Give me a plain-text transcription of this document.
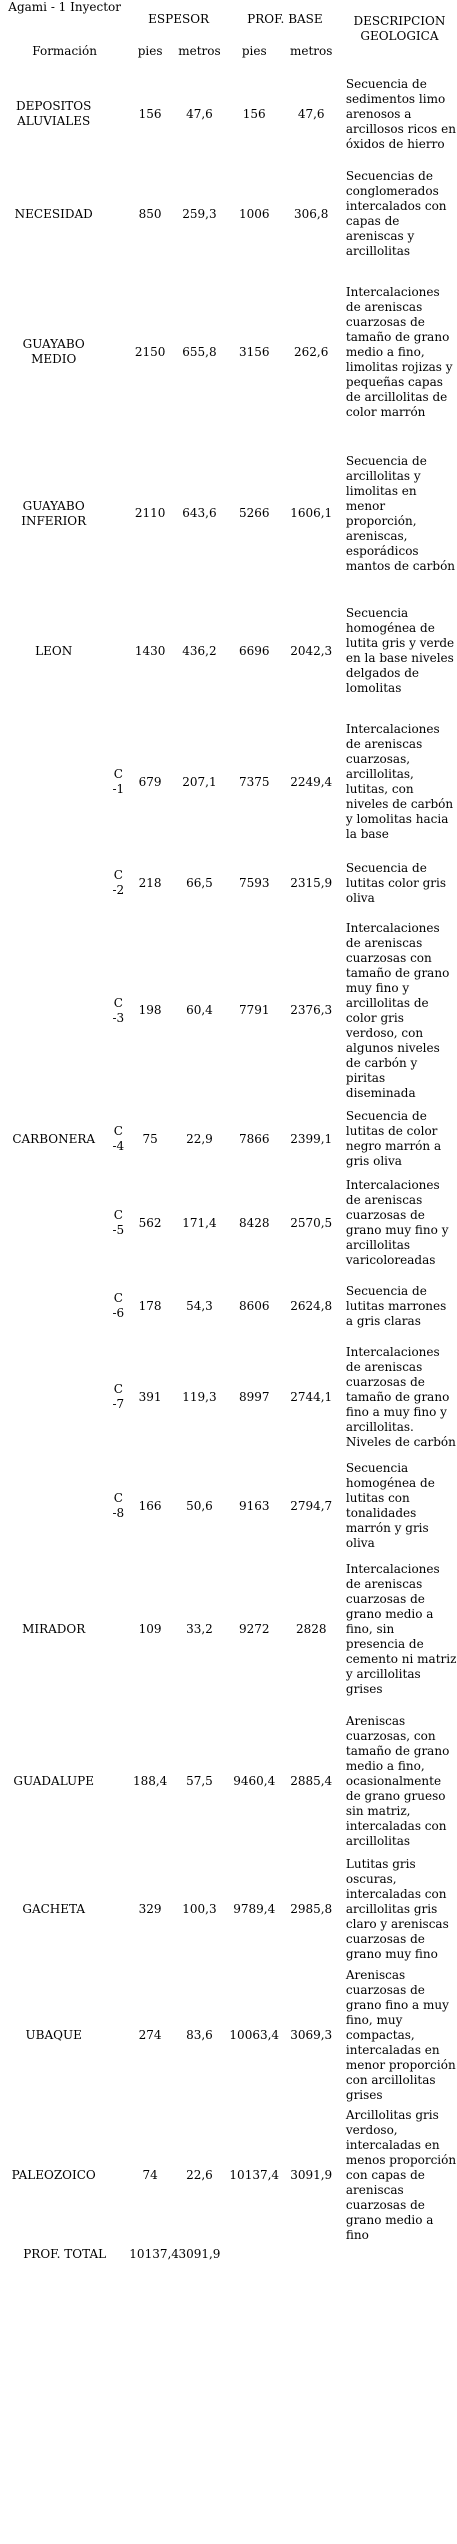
Agami - 1 Inyector		ESPESOR		PROF. BASE		DESCRIPCION GEOLOGICA
Formación		pies	metros	pies	metros	
DEPOSITOS ALUVIALES		156	47,6	156	47,6	Secuencia de sedimentos limo arenosos a arcillosos ricos en óxidos de hierro
NECESIDAD		850	259,3	1006	306,8	Secuencias de conglomerados intercalados con capas de areniscas y arcillolitas
GUAYABO MEDIO		2150	655,8	3156	262,6	Intercalaciones de areniscas cuarzosas de tamaño de grano medio a fino, limolitas rojizas y pequeñas capas de arcillolitas de color marrón
GUAYABO INFERIOR		2110	643,6	5266	1606,1	Secuencia de arcillolitas y limolitas en menor proporción, areniscas, esporádicos mantos de carbón
LEON		1430	436,2	6696	2042,3	Secuencia homogénea de lutita gris y verde en la base niveles delgados de lomolitas
	C -1	679	207,1	7375	2249,4	Intercalaciones de areniscas cuarzosas, arcillolitas, lutitas, con niveles de carbón y lomolitas hacia la base
	C -2	218	66,5	7593	2315,9	Secuencia de lutitas color gris oliva
	C -3	198	60,4	7791	2376,3	Intercalaciones de areniscas cuarzosas con tamaño de grano muy fino y arcillolitas de color gris verdoso, con algunos niveles de carbón y piritas diseminada
CARBONERA	C -4	75	22,9	7866	2399,1	Secuencia de lutitas de color negro marrón a gris oliva
	C -5	562	171,4	8428	2570,5	Intercalaciones de areniscas cuarzosas de grano muy fino y arcillolitas varicoloreadas
	C -6	178	54,3	8606	2624,8	Secuencia de lutitas marrones a gris claras
	C -7	391	119,3	8997	2744,1	Intercalaciones de areniscas cuarzosas de tamaño de grano fino a muy fino y arcillolitas. Niveles de carbón
	C -8	166	50,6	9163	2794,7	Secuencia homogénea de lutitas con tonalidades marrón y gris oliva
MIRADOR		109	33,2	9272	2828	Intercalaciones de areniscas cuarzosas de grano medio a fino, sin presencia de cemento ni matriz y arcillolitas grises
GUADALUPE		188,4	57,5	9460,4	2885,4	Areniscas cuarzosas, con tamaño de grano medio a fino, ocasionalmente de grano grueso sin matriz, intercaladas con arcillolitas
GACHETA		329	100,3	9789,4	2985,8	Lutitas gris oscuras, intercaladas con arcillolitas gris claro y areniscas cuarzosas de grano muy fino
UBAQUE		274	83,6	10063,4	3069,3	Areniscas cuarzosas de grano fino a muy fino, muy compactas, intercaladas en menor proporción con arcillolitas grises
PALEOZOICO		74	22,6	10137,4	3091,9	Arcillolitas gris verdoso, intercaladas en menos proporción con capas de areniscas cuarzosas de grano medio a fino
PROF. TOTAL		10137,4	3091,9			
